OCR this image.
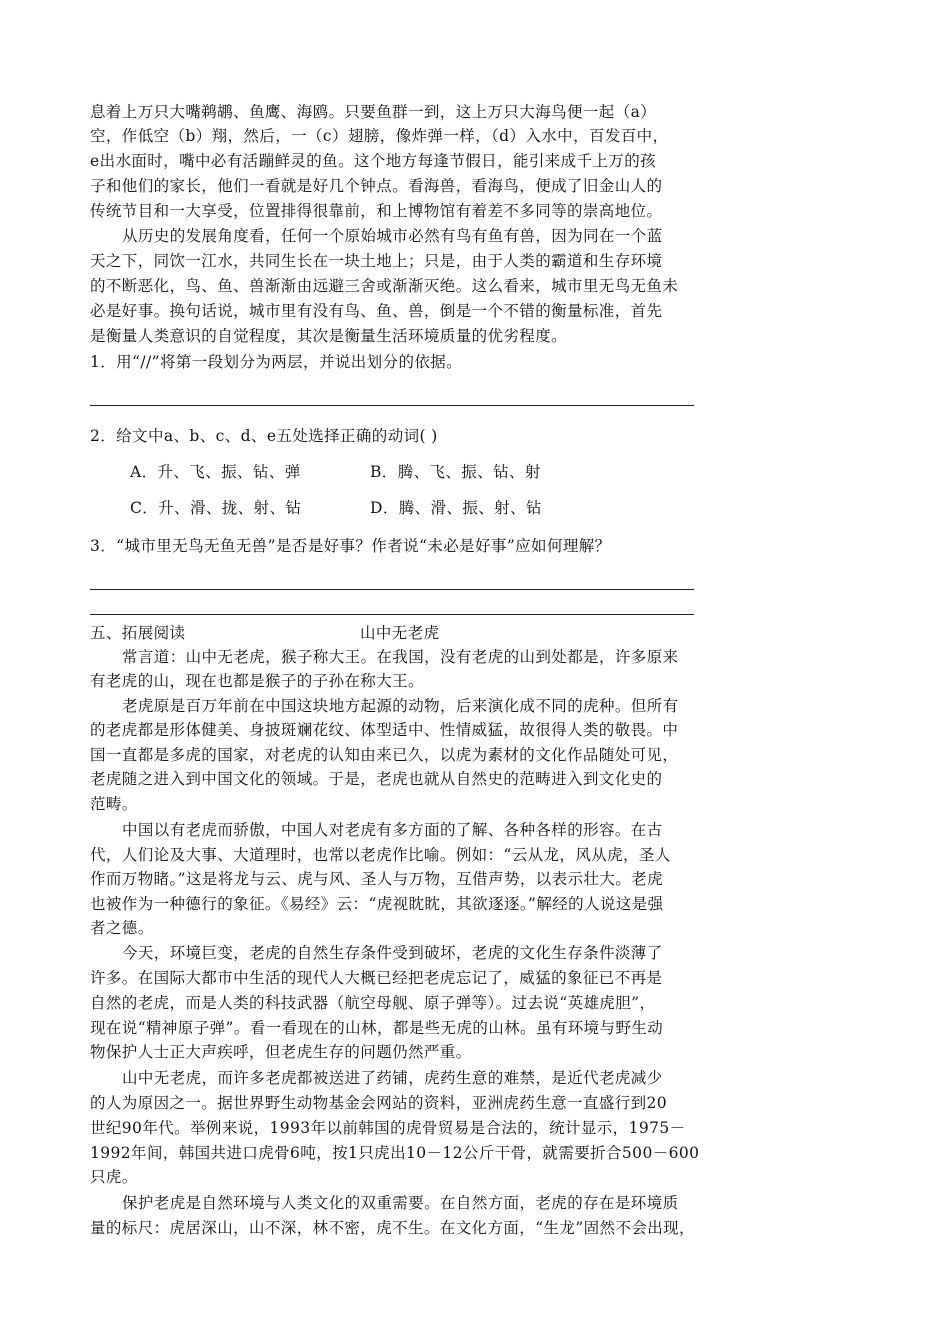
息着上万只大嘴鹈鹕、鱼鹰、海鸥。只要鱼群一到，这上万只大海鸟便一起（a）
空，作低空（b）翔，然后，一（c）翅膀，像炸弹一样，（d）入水中，百发百中，
e出水面时，嘴中必有活蹦鲜灵的鱼。这个地方每逢节假日，能引来成千上万的孩
子和他们的家长，他们一看就是好几个钟点。看海兽，看海鸟，便成了旧金山人的
传统节目和一大享受，位置排得很靠前，和上博物馆有着差不多同等的崇高地位。
从历史的发展角度看，任何一个原始城市必然有鸟有鱼有兽，因为同在一个蓝
天之下，同饮一江水，共同生长在一块土地上；只是，由于人类的霸道和生存环境
的不断恶化，鸟、鱼、兽渐渐由远避三舍或渐渐灭绝。这么看来，城市里无鸟无鱼未
必是好事。换句话说，城市里有没有鸟、鱼、兽，倒是一个不错的衡量标准，首先
是衡量人类意识的自觉程度，其次是衡量生活环境质量的优劣程度。
1．用“//”将第一段划分为两层，并说出划分的依据。
2．给文中a、b、c、d、e五处选择正确的动词( )
A．升、飞、振、钻、弹	B．腾、飞、振、钻、射
C．升、滑、拢、射、钻	D．腾、滑、振、射、钻
3．“城市里无鸟无鱼无兽”是否是好事？作者说“未必是好事”应如何理解？
五、拓展阅读	山中无老虎
常言道：山中无老虎，猴子称大王。在我国，没有老虎的山到处都是，许多原来
有老虎的山，现在也都是猴子的子孙在称大王。
老虎原是百万年前在中国这块地方起源的动物，后来演化成不同的虎种。但所有
的老虎都是形体健美、身披斑斓花纹、体型适中、性情威猛，故很得人类的敬畏。中
国一直都是多虎的国家，对老虎的认知由来已久，以虎为素材的文化作品随处可见，
老虎随之进入到中国文化的领域。于是，老虎也就从自然史的范畴进入到文化史的
范畴。
中国以有老虎而骄傲，中国人对老虎有多方面的了解、各种各样的形容。在古
代，人们论及大事、大道理时，也常以老虎作比喻。例如：“云从龙，风从虎，圣人
作而万物睹。”这是将龙与云、虎与风、圣人与万物，互借声势，以表示壮大。老虎
也被作为一种德行的象征。《易经》云：“虎视眈眈，其欲逐逐。”解经的人说这是强
者之德。
今天，环境巨变，老虎的自然生存条件受到破坏，老虎的文化生存条件淡薄了
许多。在国际大都市中生活的现代人大概已经把老虎忘记了，威猛的象征已不再是
自然的老虎，而是人类的科技武器（航空母舰、原子弹等）。过去说“英雄虎胆”，
现在说“精神原子弹”。看一看现在的山林，都是些无虎的山林。虽有环境与野生动
物保护人士正大声疾呼，但老虎生存的问题仍然严重。
山中无老虎，而许多老虎都被送进了药铺，虎药生意的难禁，是近代老虎减少
的人为原因之一。据世界野生动物基金会网站的资料，亚洲虎药生意一直盛行到20
世纪90年代。举例来说，1993年以前韩国的虎骨贸易是合法的，统计显示，1975－
1992年间，韩国共进口虎骨6吨，按1只虎出10－12公斤干骨，就需要折合500－600
只虎。
保护老虎是自然环境与人类文化的双重需要。在自然方面，老虎的存在是环境质
量的标尺：虎居深山，山不深，林不密，虎不生。在文化方面，“生龙”固然不会出现，
